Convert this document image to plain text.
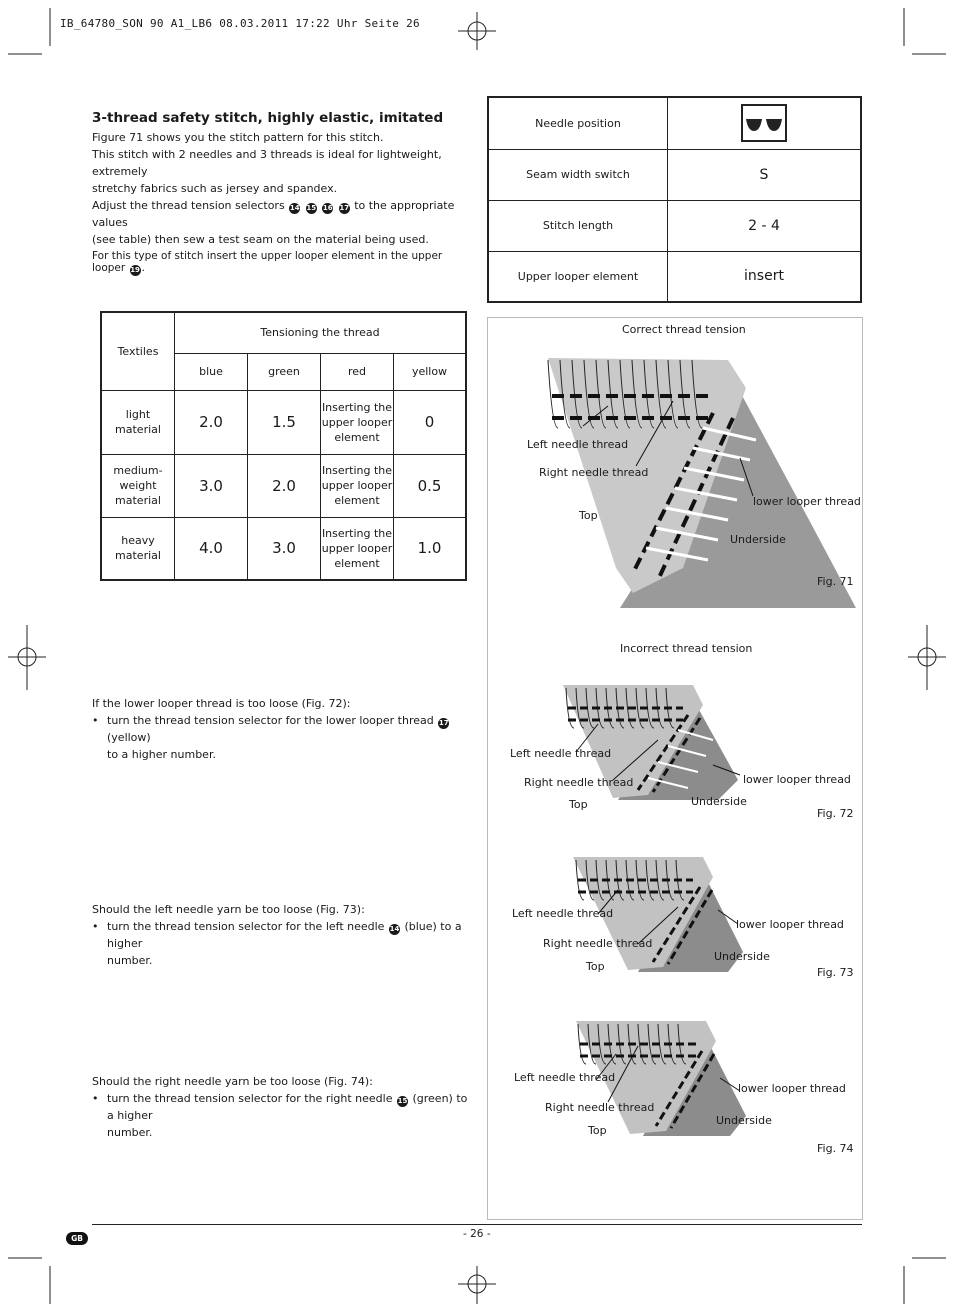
IB_64780_SON 90 A1_LB6 08.03.2011 17:22 Uhr Seite 26
3-thread safety stitch, highly elastic, imitated
Figure 71 shows you the stitch pattern for this stitch.
This stitch with 2 needles and 3 threads is ideal for lightweight, extremely
stretchy fabrics such as jersey and spandex.
Adjust the thread tension selectors 14 15 16 17 to the appropriate values
(see table) then sew a test seam on the material being used.
For this type of stitch insert the upper looper element in the upper looper 19 .
Needle position	
Seam width switch	S
Stitch length	2 - 4
Upper looper element	insert
Textiles	Tensioning the thread			
	blue	green	red	yellow
light material	2.0	1.5	Inserting the upper looper element	0
medium-weight material	3.0	2.0	Inserting the upper looper element	0.5
heavy material	4.0	3.0	Inserting the upper looper element	1.0
If the lower looper thread is too loose (Fig. 72):
• turn the thread tension selector for the lower looper thread 17 (yellow)
to a higher number.
Should the left needle yarn be too loose (Fig. 73):
• turn the thread tension selector for the left needle 14 (blue) to a higher
number.
Should the right needle yarn be too loose (Fig. 74):
• turn the thread tension selector for the right needle 15 (green) to a higher
number.
Correct thread tension
Left needle thread
Right needle thread
lower looper thread
Top
Underside
Fig. 71
Incorrect thread tension
Left needle thread
Right needle thread	lower looper thread
Top	Underside
Fig. 72
Left needle thread
lower looper thread
Right needle thread
Underside
Top	Fig. 73
Left needle thread
lower looper thread
Right needle thread
Underside
Top
Fig. 74
GB	- 26 -
